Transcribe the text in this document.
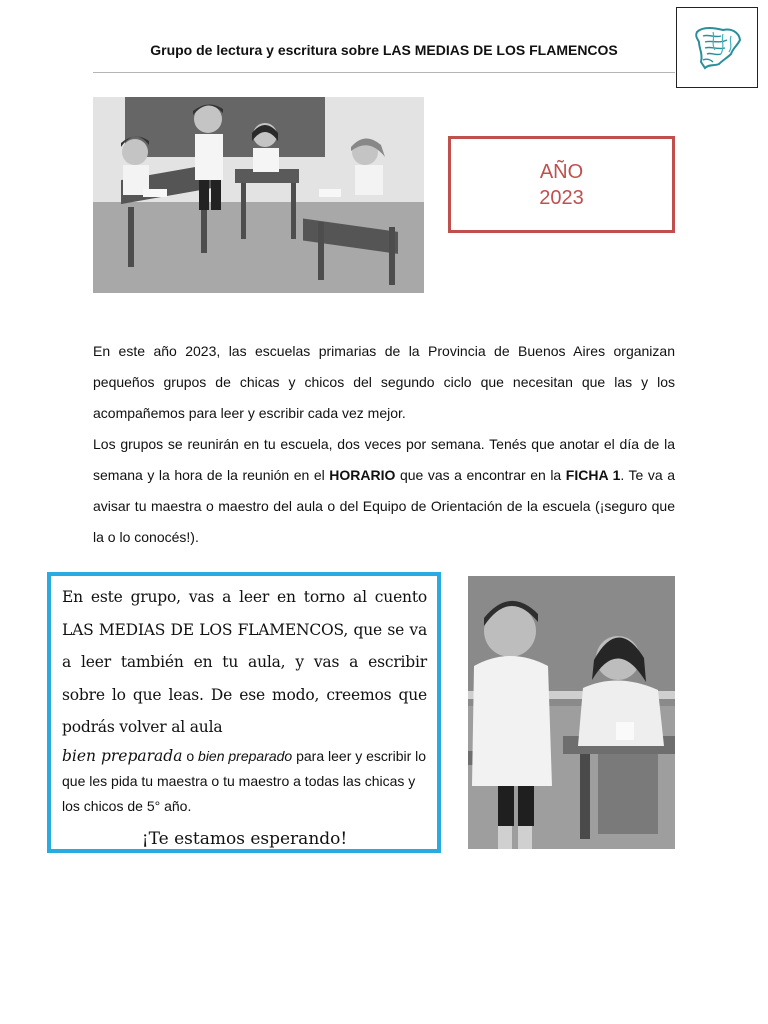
Grupo de lectura y escritura sobre LAS MEDIAS DE LOS FLAMENCOS
AÑO
2023

En este año 2023, las escuelas primarias de la Provincia de Buenos Aires organizan pequeños grupos de chicas y chicos del segundo ciclo que necesitan que las y los acompañemos para leer y escribir cada vez mejor.

Los grupos se reunirán en tu escuela, dos veces por semana. Tenés que anotar el día de la semana y la hora de la reunión en el HORARIO que vas a encontrar en la FICHA 1. Te va a avisar tu maestra o maestro del aula o del Equipo de Orientación de la escuela (¡seguro que la o lo conocés!).

En este grupo, vas a leer en torno al cuento LAS MEDIAS DE LOS FLAMENCOS, que se va a leer también en tu aula, y vas a escribir sobre lo que leas. De ese modo, creemos que podrás volver al aula

bien preparada o bien preparado para leer y escribir lo que les pida tu maestra o tu maestro a todas las chicas y los chicos de 5° año.

¡Te estamos esperando!
